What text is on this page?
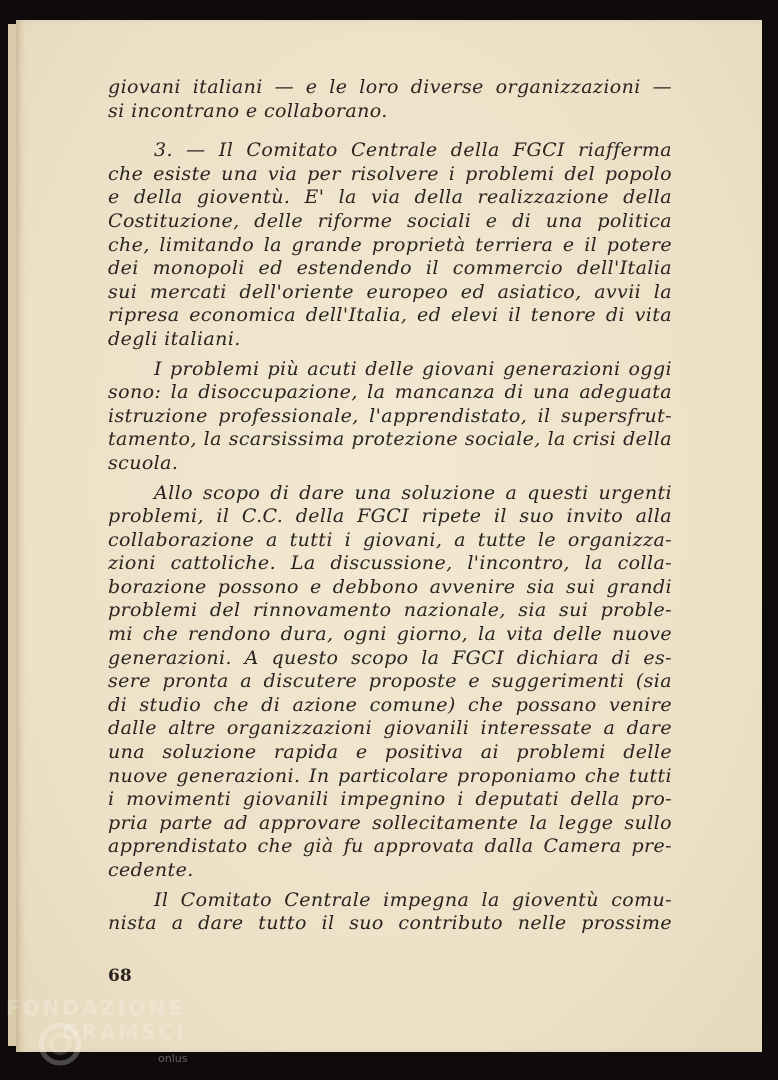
giovani italiani — e le loro diverse organizzazioni —
si incontrano e collaborano.
3. — Il Comitato Centrale della FGCI riafferma
che esiste una via per risolvere i problemi del popolo
e della gioventù. E' la via della realizzazione della
Costituzione, delle riforme sociali e di una politica
che, limitando la grande proprietà terriera e il potere
dei monopoli ed estendendo il commercio dell'Italia
sui mercati dell'oriente europeo ed asiatico, avvii la
ripresa economica dell'Italia, ed elevi il tenore di vita
degli italiani.
I problemi più acuti delle giovani generazioni oggi
sono: la disoccupazione, la mancanza di una adeguata
istruzione professionale, l'apprendistato, il supersfrut-
tamento, la scarsissima protezione sociale, la crisi della
scuola.
Allo scopo di dare una soluzione a questi urgenti
problemi, il C.C. della FGCI ripete il suo invito alla
collaborazione a tutti i giovani, a tutte le organizza-
zioni cattoliche. La discussione, l'incontro, la colla-
borazione possono e debbono avvenire sia sui grandi
problemi del rinnovamento nazionale, sia sui proble-
mi che rendono dura, ogni giorno, la vita delle nuove
generazioni. A questo scopo la FGCI dichiara di es-
sere pronta a discutere proposte e suggerimenti (sia
di studio che di azione comune) che possano venire
dalle altre organizzazioni giovanili interessate a dare
una soluzione rapida e positiva ai problemi delle
nuove generazioni. In particolare proponiamo che tutti
i movimenti giovanili impegnino i deputati della pro-
pria parte ad approvare sollecitamente la legge sullo
apprendistato che già fu approvata dalla Camera pre-
cedente.
Il Comitato Centrale impegna la gioventù comu-
nista a dare tutto il suo contributo nelle prossime
68
FONDAZIONE
GRAMSCI
onlus
